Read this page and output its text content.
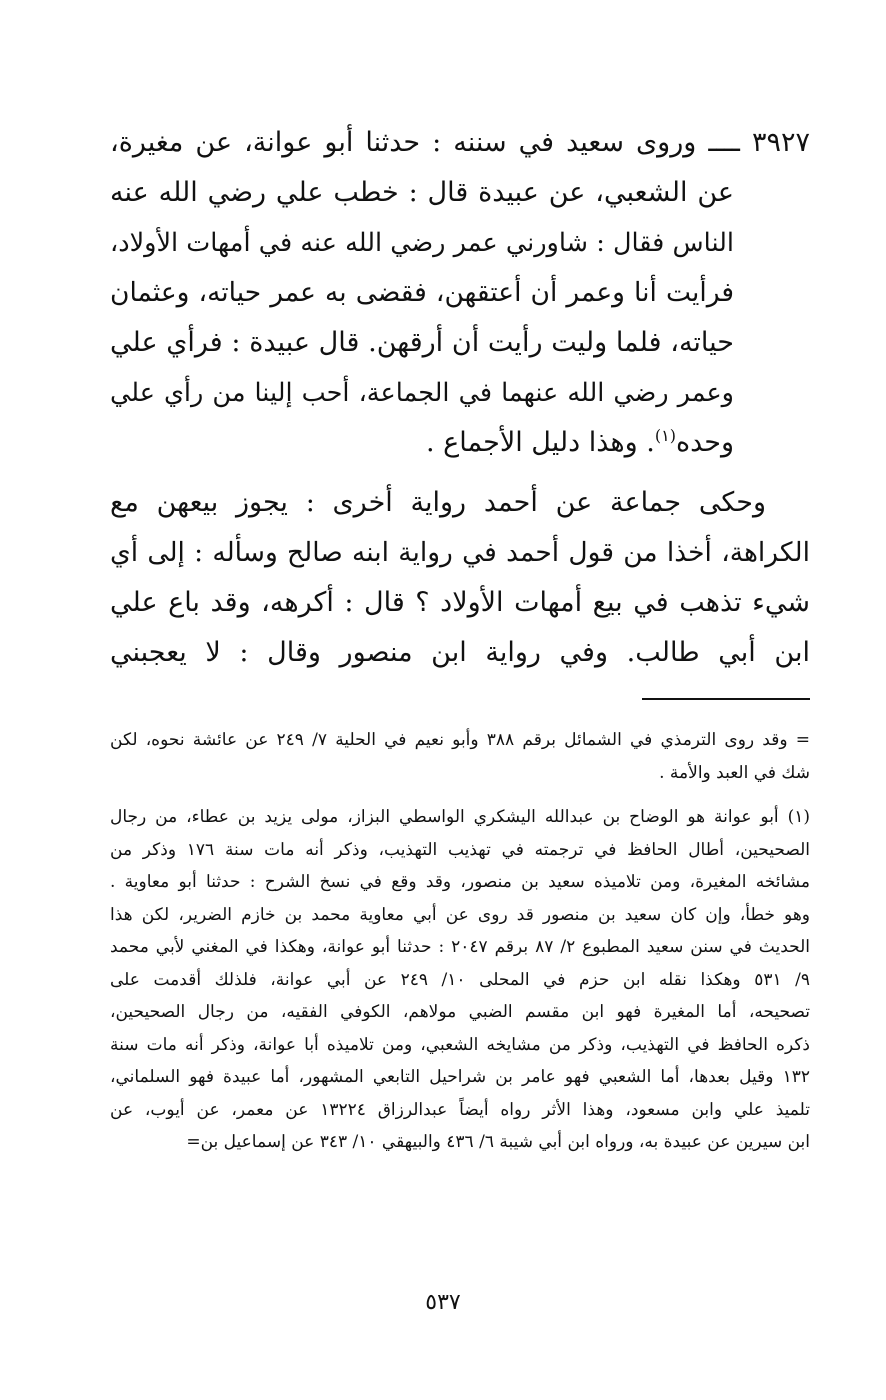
٣٩٢٧ ــــ وروى سعيد في سننه : حدثنا أبو عوانة، عن مغيرة،
عن الشعبي، عن عبيدة قال : خطب علي رضي الله عنه
الناس فقال : شاورني عمر رضي الله عنه في أمهات الأولاد،
فرأيت أنا وعمر أن أعتقهن، فقضى به عمر حياته، وعثمان
حياته، فلما وليت رأيت أن أرقهن. قال عبيدة : فرأي علي
وعمر رضي الله عنهما في الجماعة، أحب إلينا من رأي علي
وحده$^{(١)}$. وهذا دليل الأجماع .

وحكى جماعة عن أحمد رواية أخرى : يجوز بيعهن مع
الكراهة، أخذا من قول أحمد في رواية ابنه صالح وسأله : إلى أي
شيء تذهب في بيع أمهات الأولاد ؟ قال : أكرهه، وقد باع علي
ابن أبي طالب. وفي رواية ابن منصور وقال : لا يعجبني

= وقد روى الترمذي في الشمائل برقم ٣٨٨ وأبو نعيم في الحلية ٧/ ٢٤٩ عن عائشة نحوه، لكن
شك في العبد والأمة .

(١) أبو عوانة هو الوضاح بن عبدالله اليشكري الواسطي البزاز، مولى يزيد بن عطاء، من رجال
الصحيحين، أطال الحافظ في ترجمته في تهذيب التهذيب، وذكر أنه مات سنة ١٧٦ وذكر من
مشائخه المغيرة، ومن تلاميذه سعيد بن منصور، وقد وقع في نسخ الشرح : حدثنا أبو معاوية .
وهو خطأ، وإن كان سعيد بن منصور قد روى عن أبي معاوية محمد بن خازم الضرير، لكن هذا
الحديث في سنن سعيد المطبوع ٢/ ٨٧ برقم ٢٠٤٧ : حدثنا أبو عوانة، وهكذا في المغني لأبي محمد
٩/ ٥٣١ وهكذا نقله ابن حزم في المحلى ١٠/ ٢٤٩ عن أبي عوانة، فلذلك أقدمت على
تصحيحه، أما المغيرة فهو ابن مقسم الضبي مولاهم، الكوفي الفقيه، من رجال الصحيحين،
ذكره الحافظ في التهذيب، وذكر من مشايخه الشعبي، ومن تلاميذه أبا عوانة، وذكر أنه مات سنة
١٣٢ وقيل بعدها، أما الشعبي فهو عامر بن شراحيل التابعي المشهور، أما عبيدة فهو السلماني،
تلميذ علي وابن مسعود، وهذا الأثر رواه أيضاً عبدالرزاق ١٣٢٢٤ عن معمر، عن أيوب، عن
ابن سيرين عن عبيدة به، ورواه ابن أبي شيبة ٦/ ٤٣٦ والبيهقي ١٠/ ٣٤٣ عن إسماعيل بن=

٥٣٧
